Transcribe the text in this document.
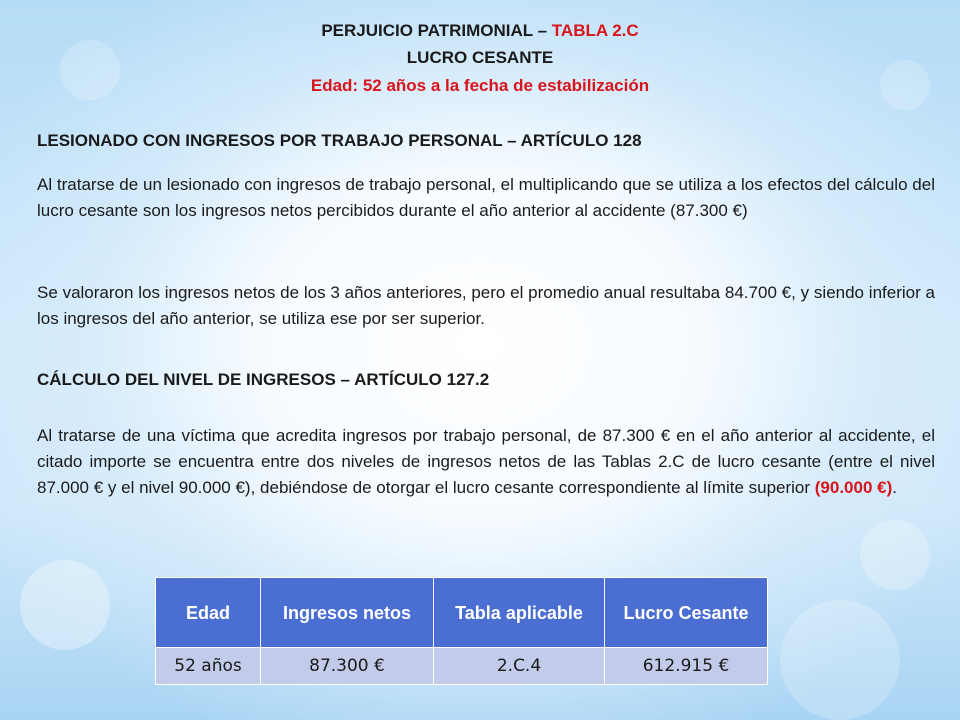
PERJUICIO PATRIMONIAL – TABLA 2.C
LUCRO CESANTE
Edad: 52 años a la fecha de estabilización
LESIONADO CON INGRESOS POR TRABAJO PERSONAL – ARTÍCULO 128
Al tratarse de un lesionado con ingresos de trabajo personal, el multiplicando que se utiliza a los efectos del cálculo del lucro cesante son los ingresos netos percibidos durante el año anterior al accidente (87.300 €)
Se valoraron los ingresos netos de los 3 años anteriores, pero el promedio anual resultaba 84.700 €, y siendo inferior a los ingresos del año anterior, se utiliza ese por ser superior.
CÁLCULO DEL NIVEL DE INGRESOS – ARTÍCULO 127.2
Al tratarse de una víctima que acredita ingresos por trabajo personal, de 87.300 € en el año anterior al accidente, el citado importe se encuentra entre dos niveles de ingresos netos de las Tablas 2.C de lucro cesante (entre el nivel 87.000 € y el nivel 90.000 €), debiéndose de otorgar el lucro cesante correspondiente al límite superior (90.000 €).
Edad	Ingresos netos	Tabla aplicable	Lucro Cesante
52 años	87.300 €	2.C.4	612.915 €
